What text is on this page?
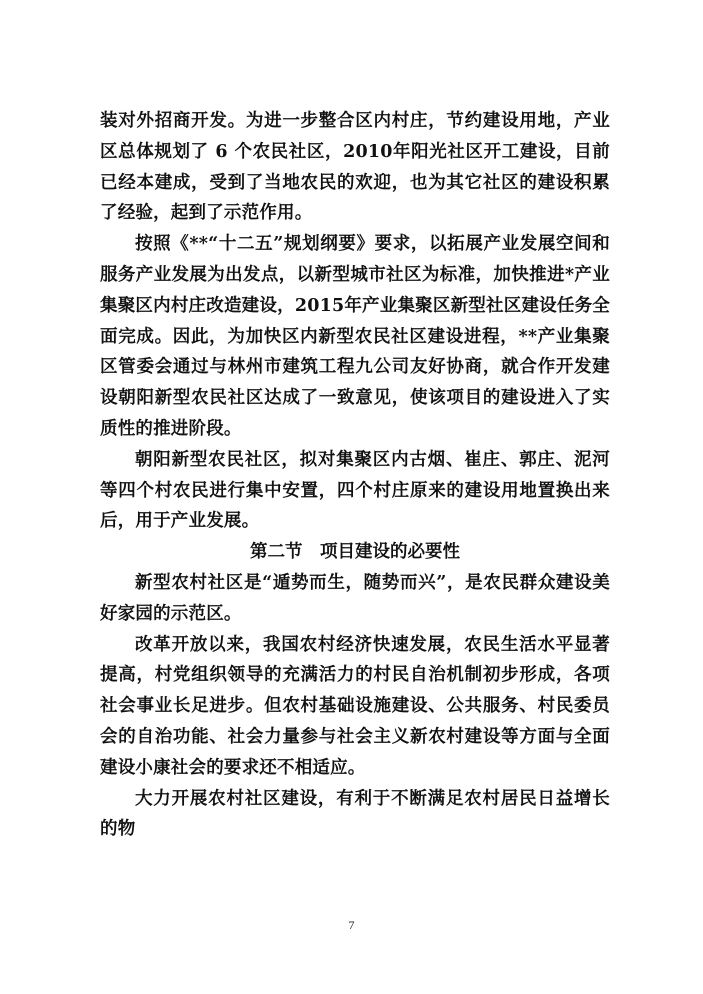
装对外招商开发。为进一步整合区内村庄，节约建设用地，产业区总体规划了 6 个农民社区，2010年阳光社区开工建设，目前已经本建成，受到了当地农民的欢迎，也为其它社区的建设积累了经验，起到了示范作用。

按照《**“十二五”规划纲要》要求，以拓展产业发展空间和服务产业发展为出发点，以新型城市社区为标准，加快推进*产业集聚区内村庄改造建设，2015年产业集聚区新型社区建设任务全面完成。因此，为加快区内新型农民社区建设进程，**产业集聚区管委会通过与林州市建筑工程九公司友好协商，就合作开发建设朝阳新型农民社区达成了一致意见，使该项目的建设进入了实质性的推进阶段。

朝阳新型农民社区，拟对集聚区内古烟、崔庄、郭庄、泥河等四个村农民进行集中安置，四个村庄原来的建设用地置换出来后，用于产业发展。

第二节　项目建设的必要性

新型农村社区是“遁势而生，随势而兴”，是农民群众建设美好家园的示范区。

改革开放以来，我国农村经济快速发展，农民生活水平显著提高，村党组织领导的充满活力的村民自治机制初步形成，各项社会事业长足进步。但农村基础设施建设、公共服务、村民委员会的自治功能、社会力量参与社会主义新农村建设等方面与全面建设小康社会的要求还不相适应。

大力开展农村社区建设，有利于不断满足农村居民日益增长的物

7
